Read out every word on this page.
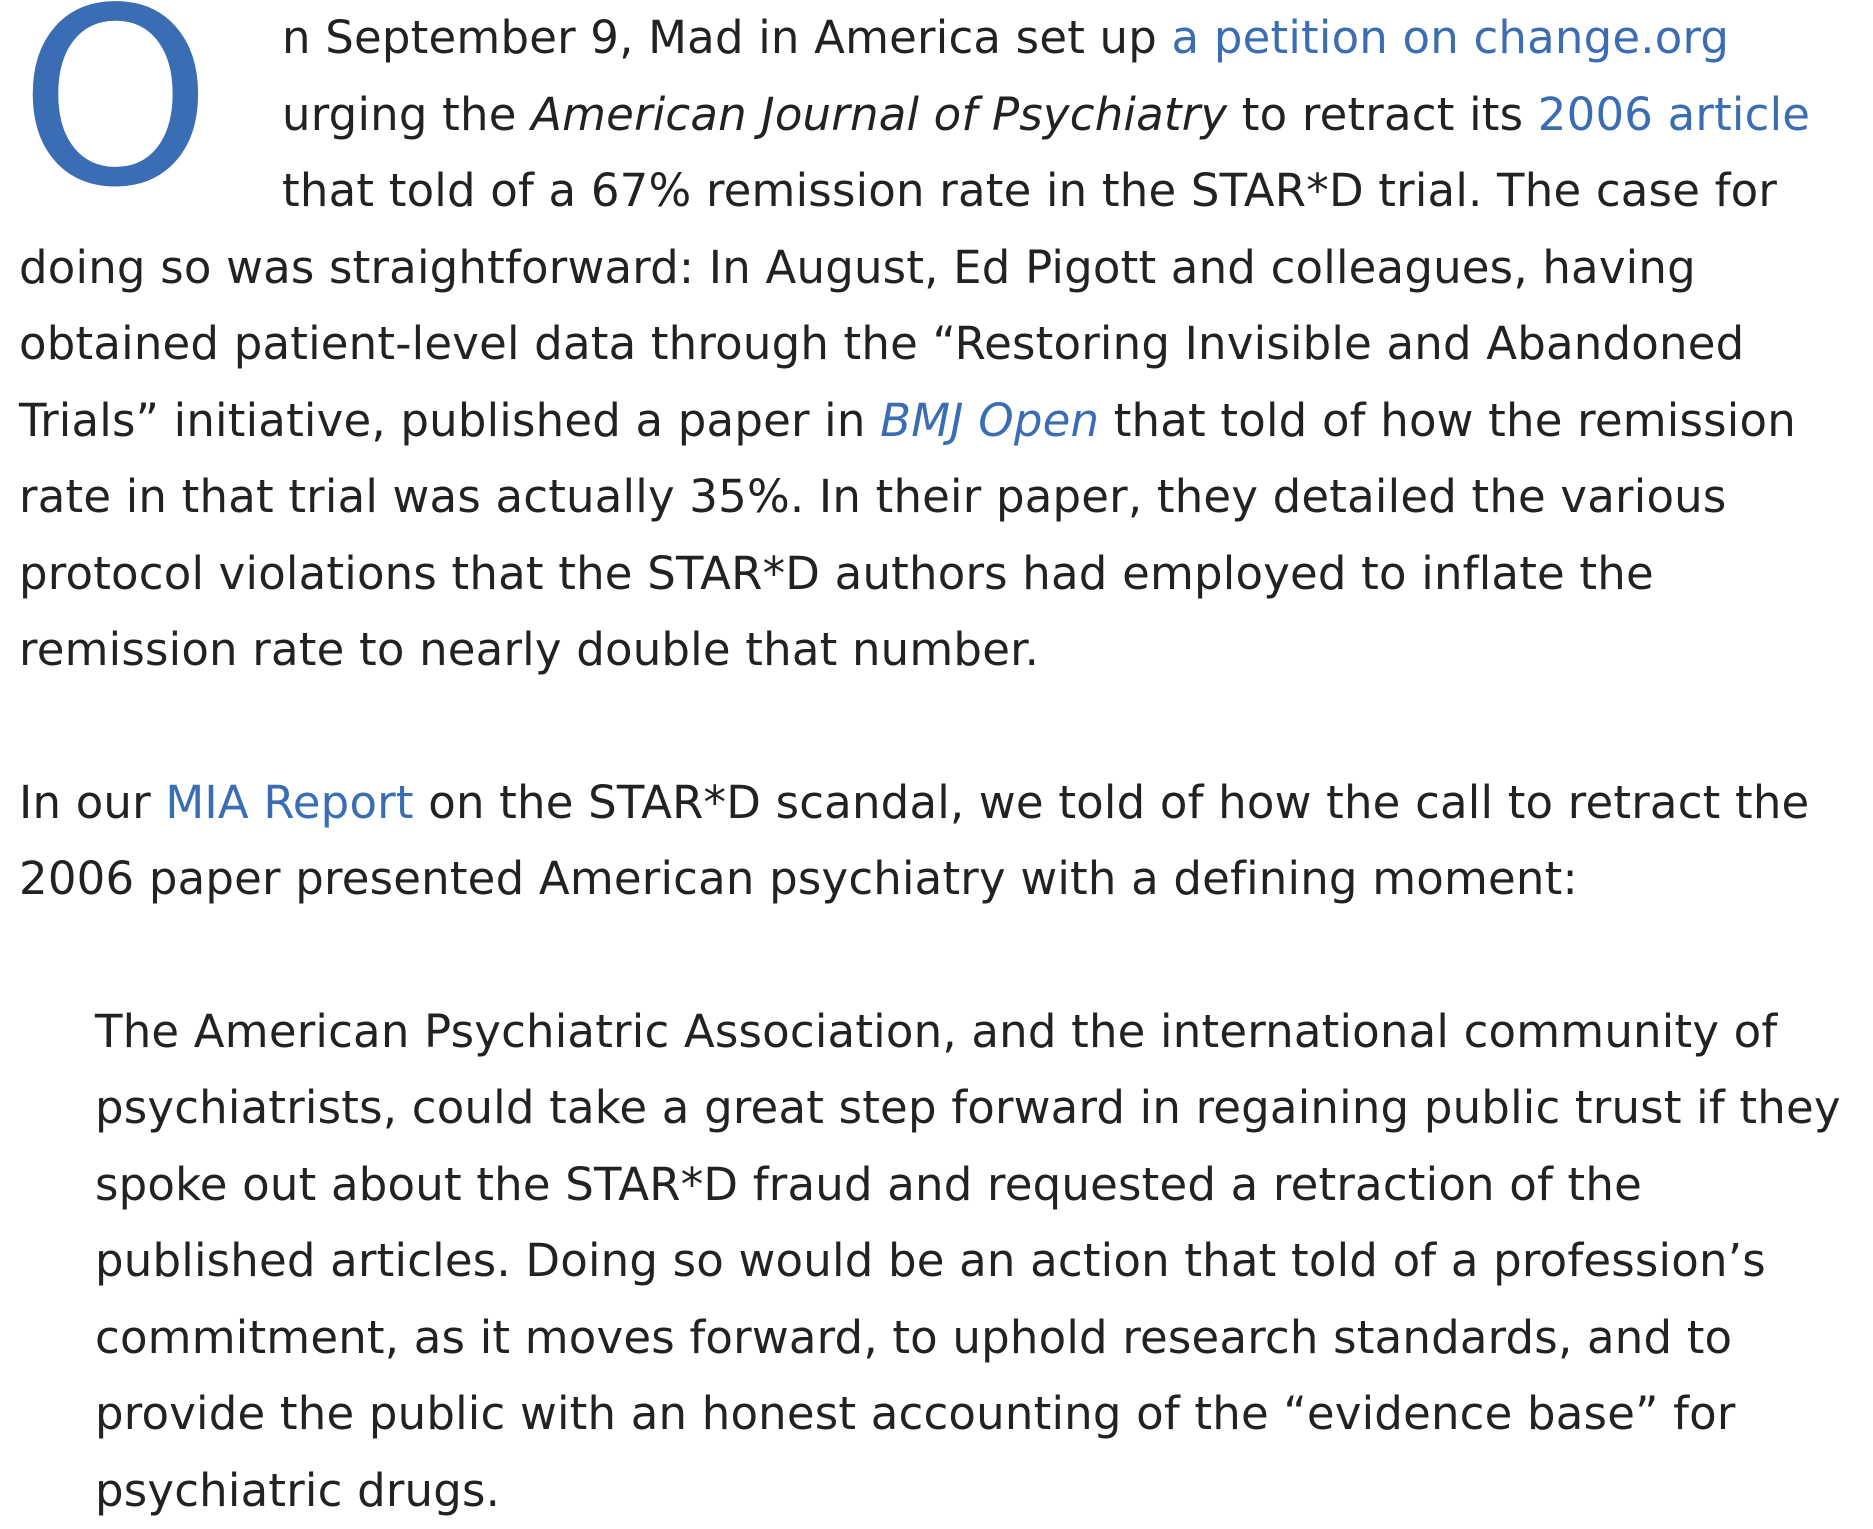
O n September 9, Mad in America set up a petition on change.org urging the American Journal of Psychiatry to retract its 2006 article that told of a 67% remission rate in the STAR*D trial. The case for doing so was straightforward: In August, Ed Pigott and colleagues, having obtained patient-level data through the “Restoring Invisible and Abandoned Trials” initiative, published a paper in BMJ Open that told of how the remission rate in that trial was actually 35%. In their paper, they detailed the various protocol violations that the STAR*D authors had employed to inflate the remission rate to nearly double that number.

In our MIA Report on the STAR*D scandal, we told of how the call to retract the 2006 paper presented American psychiatry with a defining moment:

The American Psychiatric Association, and the international community of psychiatrists, could take a great step forward in regaining public trust if they spoke out about the STAR*D fraud and requested a retraction of the published articles. Doing so would be an action that told of a profession’s commitment, as it moves forward, to uphold research standards, and to provide the public with an honest accounting of the “evidence base” for psychiatric drugs.
